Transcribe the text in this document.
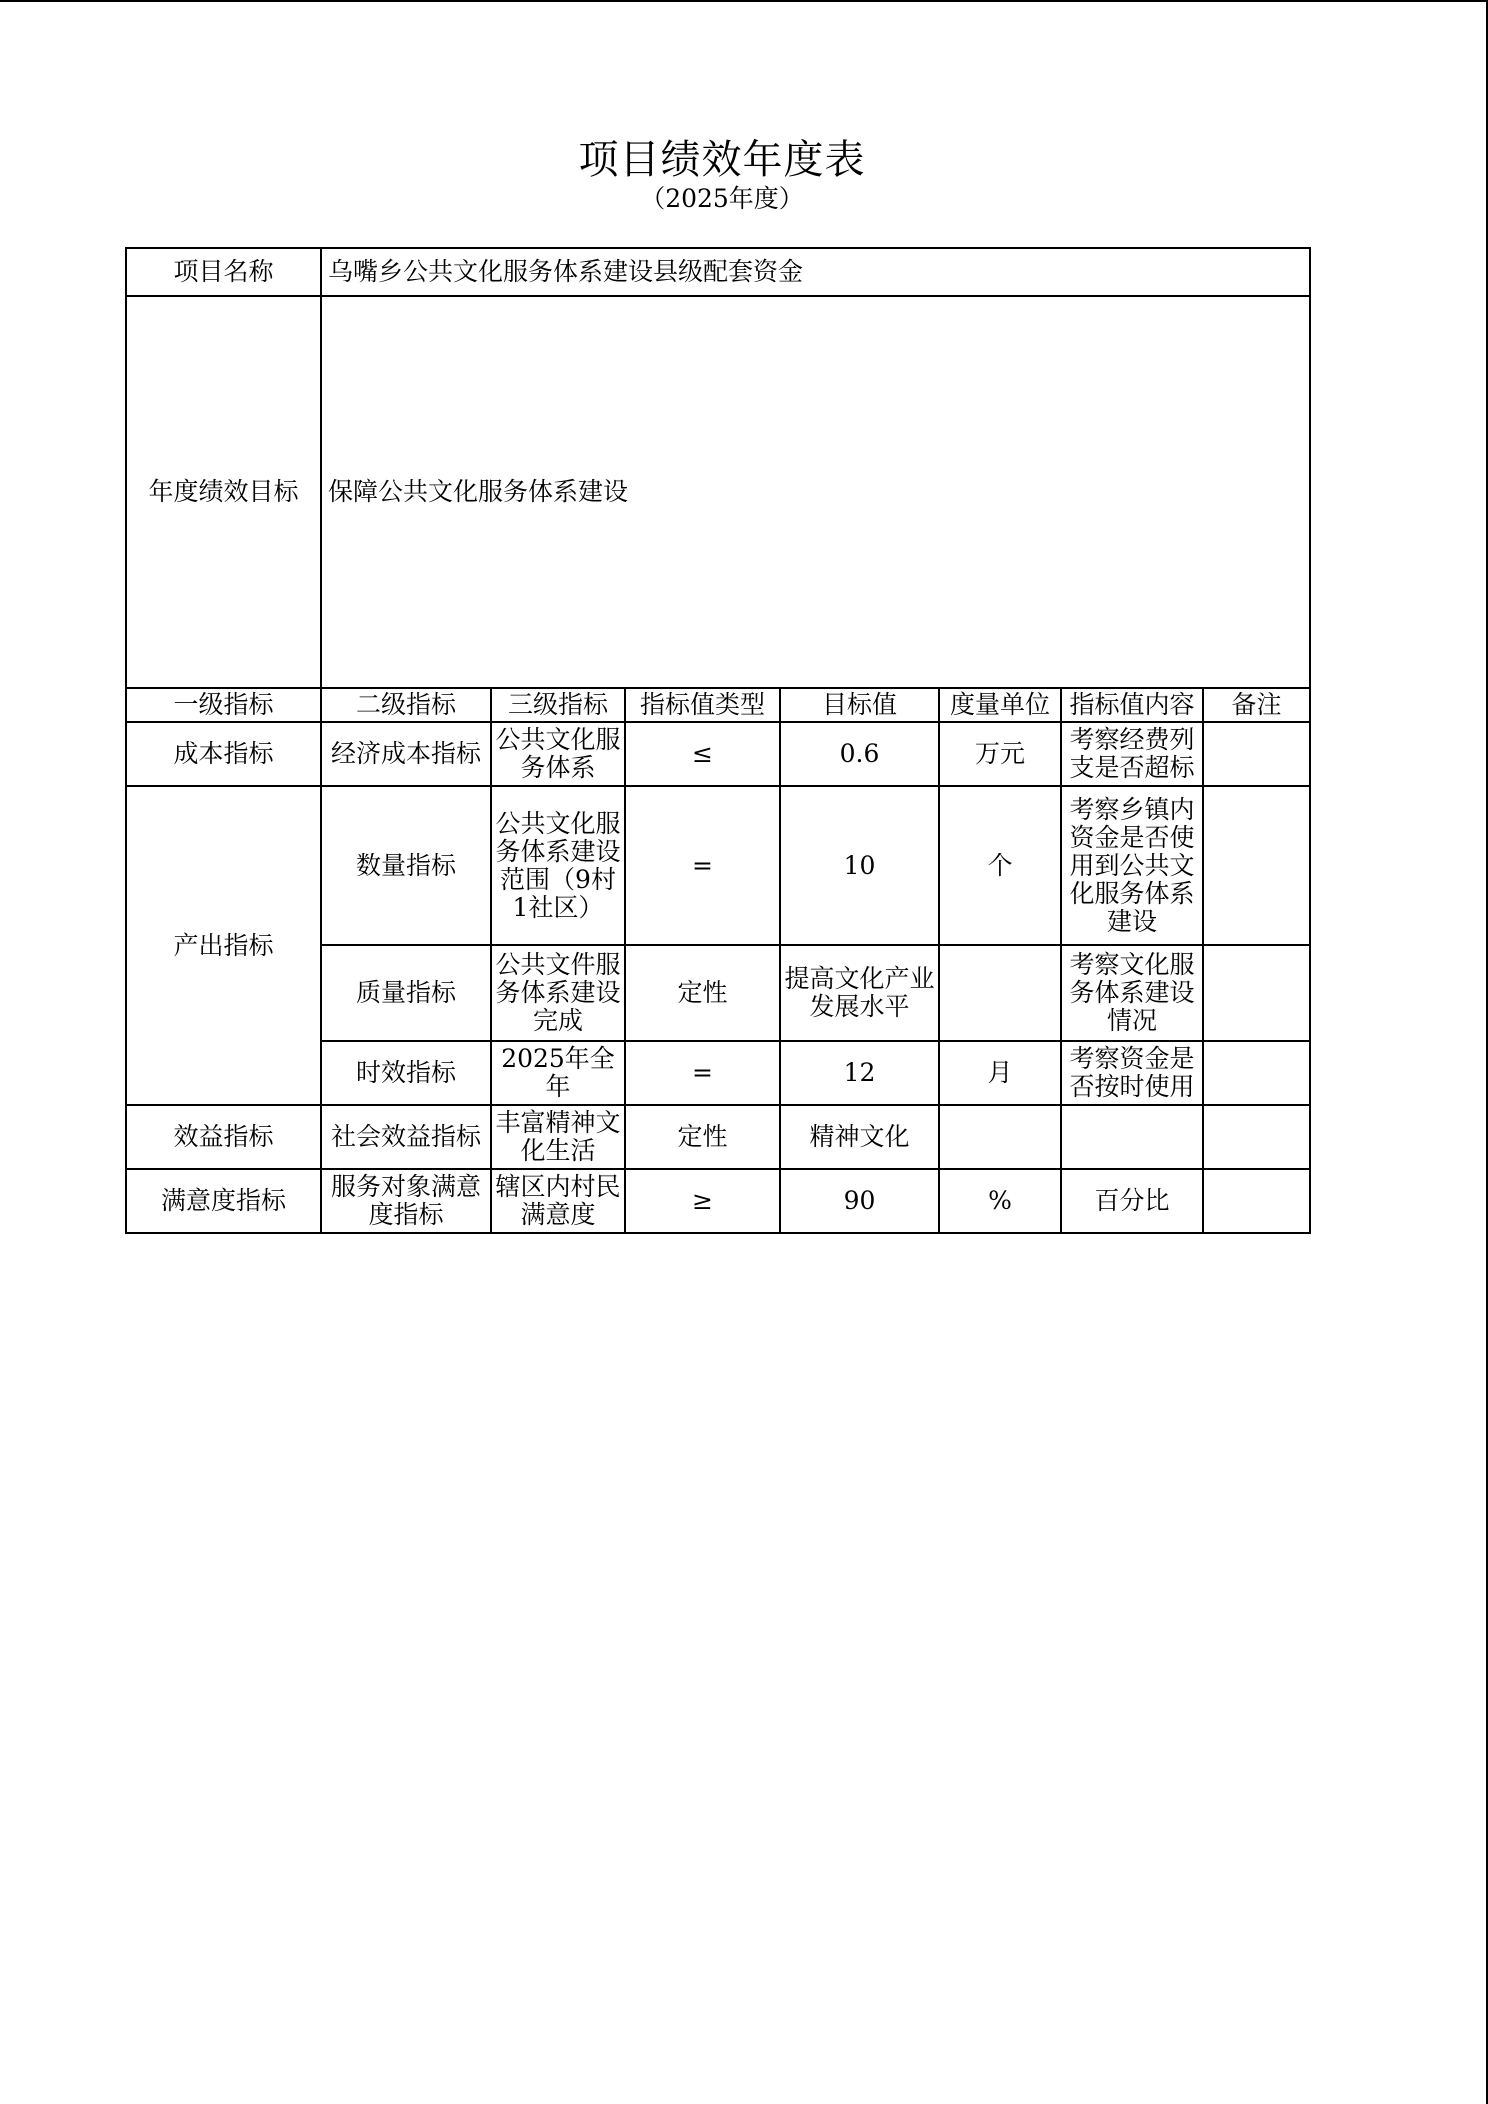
项目绩效年度表
（2025年度）
项目名称	乌嘴乡公共文化服务体系建设县级配套资金						
年度绩效目标	保障公共文化服务体系建设						
一级指标	二级指标	三级指标	指标值类型	目标值	度量单位	指标值内容	备注
成本指标	经济成本指标	公共文化服务体系	≤	0.6	万元	考察经费列支是否超标	
产出指标	数量指标	公共文化服务体系建设范围（9村1社区）	=	10	个	考察乡镇内资金是否使用到公共文化服务体系建设	
	质量指标	公共文件服务体系建设完成	定性	提高文化产业发展水平		考察文化服务体系建设情况	
	时效指标	2025年全年	=	12	月	考察资金是否按时使用	
效益指标	社会效益指标	丰富精神文化生活	定性	精神文化			
满意度指标	服务对象满意度指标	辖区内村民满意度	≥	90	%	百分比	
